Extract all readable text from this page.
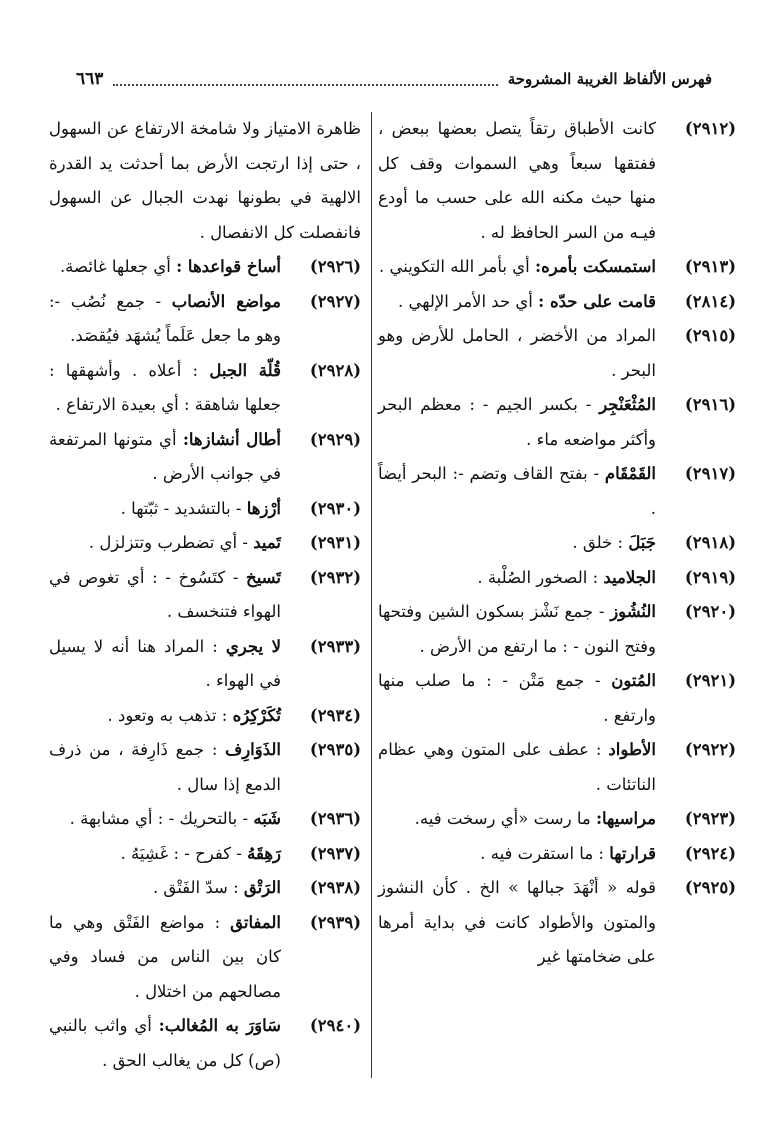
فهرس الألفاظ الغريبة المشروحة
٦٦٣
(٢٩١٢)
كانت الأطباق رتقاً يتصل بعضها ببعض ، ففتقها سبعاً وهي السموات وقف كل منها حيث مكنه الله على حسب ما أودع فيـه من السر الحافظ له .
(٢٩١٣)
استمسكت بأمره: أي بأمر الله التكويني .
(٢٨١٤)
قامت على حدّه : أي حد الأمر الإلهي .
(٢٩١٥)
المراد من الأخضر ، الحامل للأرض وهو البحر .
(٢٩١٦)
المُثْعَنْجِر - بكسر الجيم - : معظم البحر وأكثر مواضعه ماء .
(٢٩١٧)
القَمْقَام - بفتح القاف وتضم -: البحر أيضاً .
(٢٩١٨)
جَبَلَ : خلق .
(٢٩١٩)
الجلاميد : الصخور الصُلْبة .
(٢٩٢٠)
النُشُوز - جمع نَشْز بسكون الشين وفتحها وفتح النون - : ما ارتفع من الأرض .
(٢٩٢١)
المُتون - جمع مَتْن - : ما صلب منها وارتفع .
(٢٩٢٢)
الأطواد : عطف على المتون وهي عظام الناتئات .
(٢٩٢٣)
مراسيها: ما رست «أي رسخت فيه.
(٢٩٢٤)
قرارتها : ما استقرت فيه .
(٢٩٢٥)
قوله « أنْهَدَ جبالها » الخ . كأن النشوز والمتون والأطواد كانت في بداية أمرها على ضخامتها غير
ظاهرة الامتياز ولا شامخة الارتفاع عن السهول ، حتى إذا ارتجت الأرض بما أحدثت يد القدرة الالهية في بطونها نهدت الجبال عن السهول فانفصلت كل الانفصال .
(٢٩٢٦)
أساخ قواعدها : أي جعلها غائصة.
(٢٩٢٧)
مواضع الأنصاب - جمع نُصُب -: وهو ما جعل عَلَماً يُشهَد فيُقصَد.
(٢٩٢٨)
قُلّة الجبل : أعلاه . وأشهقها : جعلها شاهقة : أي بعيدة الارتفاع .
(٢٩٢٩)
أطال أنشازها: أي متونها المرتفعة في جوانب الأرض .
(٢٩٣٠)
أرْزها - بالتشديد - ثبّتها .
(٢٩٣١)
تَميد - أي تضطرب وتتزلزل .
(٢٩٣٢)
تَسيخ - كتَسُوخ - : أي تغوص في الهواء فتنخسف .
(٢٩٣٣)
لا يجري : المراد هنا أنه لا يسيل في الهواء .
(٢٩٣٤)
تُكَرْكِرُه : تذهب به وتعود .
(٢٩٣٥)
الذَوَارِف : جمع ذَارِفة ، من ذرف الدمع إذا سال .
(٢٩٣٦)
شَبَه - بالتحريك - : أي مشابهة .
(٢٩٣٧)
رَهِقَهُ - كفرح - : غَشِيَهُ .
(٢٩٣٨)
الرَتْق : سدّ الفَتْق .
(٢٩٣٩)
المفاتق : مواضع الفَتْق وهي ما كان بين الناس من فساد وفي مصالحهم من اختلال .
(٢٩٤٠)
سَاوَرَ به المُغالب: أي واثب بالنبي (ص) كل من يغالب الحق .
